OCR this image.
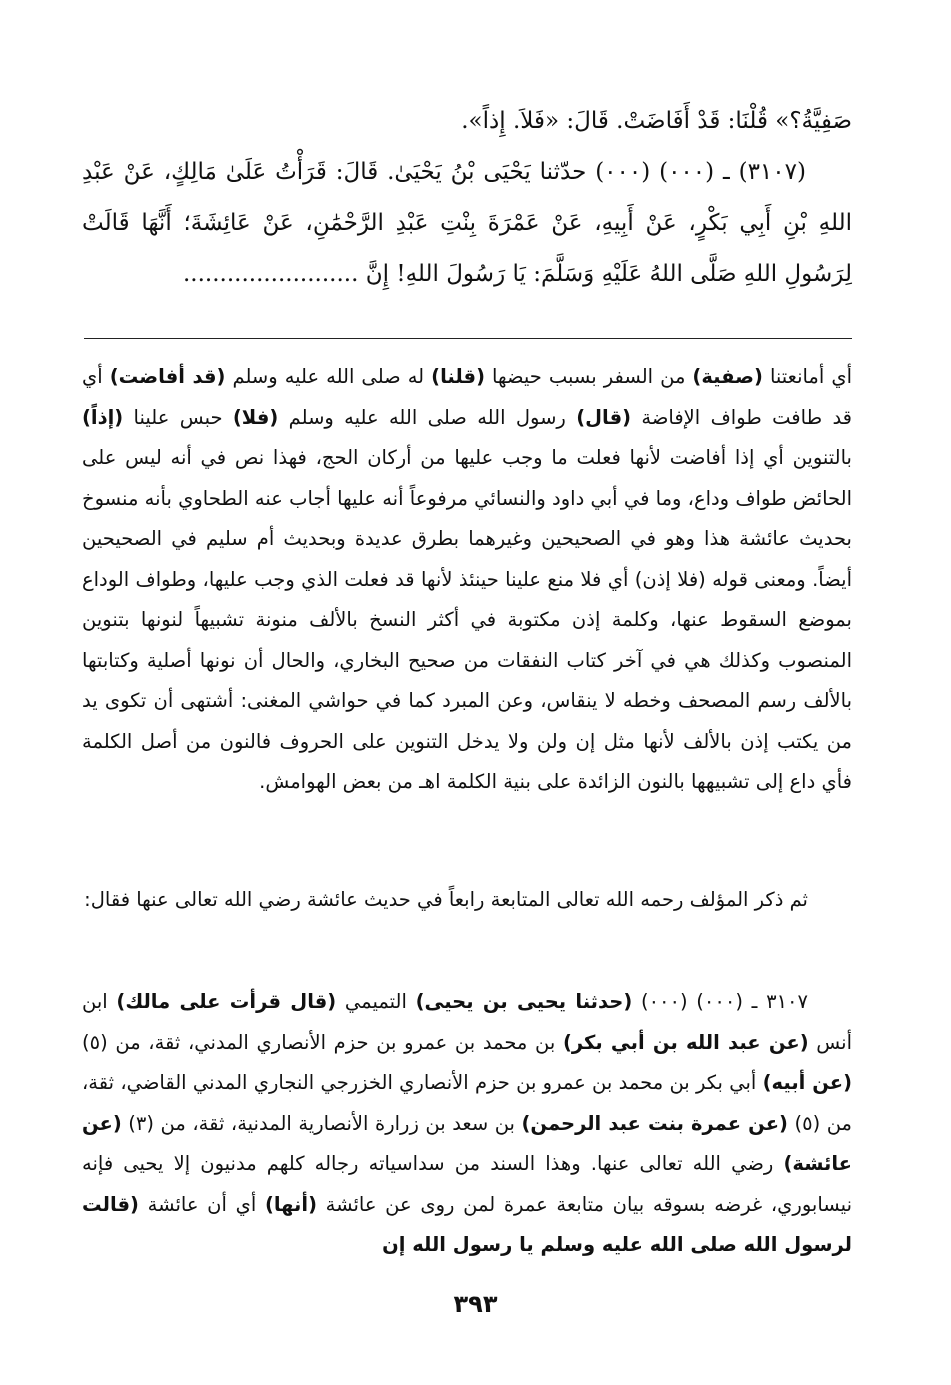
صَفِيَّةُ؟» قُلْنَا: قَدْ أَفَاضَتْ. قَالَ: «فَلاَ. إِذاً».

(٣١٠٧) ـ (٠٠٠) (٠٠٠) حدّثنا يَحْيَى بْنُ يَحْيَىٰ. قَالَ: قَرَأْتُ عَلَىٰ مَالِكٍ، عَنْ عَبْدِ اللهِ بْنِ أَبِي بَكْرٍ، عَنْ أَبِيهِ، عَنْ عَمْرَةَ بِنْتِ عَبْدِ الرَّحْمَٰنِ، عَنْ عَائِشَةَ؛ أَنَّهَا قَالَتْ لِرَسُولِ اللهِ صَلَّى اللهُ عَلَيْهِ وَسَلَّمَ: يَا رَسُولَ اللهِ! إِنَّ ........................

أي أمانعتنا (صفية) من السفر بسبب حيضها (قلنا) له صلى الله عليه وسلم (قد أفاضت) أي قد طافت طواف الإفاضة (قال) رسول الله صلى الله عليه وسلم (فلا) حبس علينا (إذاً) بالتنوين أي إذا أفاضت لأنها فعلت ما وجب عليها من أركان الحج، فهذا نص في أنه ليس على الحائض طواف وداع، وما في أبي داود والنسائي مرفوعاً أنه عليها أجاب عنه الطحاوي بأنه منسوخ بحديث عائشة هذا وهو في الصحيحين وغيرهما بطرق عديدة وبحديث أم سليم في الصحيحين أيضاً. ومعنى قوله (فلا إذن) أي فلا منع علينا حينئذ لأنها قد فعلت الذي وجب عليها، وطواف الوداع بموضع السقوط عنها، وكلمة إذن مكتوبة في أكثر النسخ بالألف منونة تشبيهاً لنونها بتنوين المنصوب وكذلك هي في آخر كتاب النفقات من صحيح البخاري، والحال أن نونها أصلية وكتابتها بالألف رسم المصحف وخطه لا ينقاس، وعن المبرد كما في حواشي المغنى: أشتهى أن تكوى يد من يكتب إذن بالألف لأنها مثل إن ولن ولا يدخل التنوين على الحروف فالنون من أصل الكلمة فأي داع إلى تشبيهها بالنون الزائدة على بنية الكلمة اهـ من بعض الهوامش.

ثم ذكر المؤلف رحمه الله تعالى المتابعة رابعاً في حديث عائشة رضي الله تعالى عنها فقال:

٣١٠٧ ـ (٠٠٠) (٠٠٠) (حدثنا يحيى بن يحيى) التميمي (قال قرأت على مالك) ابن أنس (عن عبد الله بن أبي بكر) بن محمد بن عمرو بن حزم الأنصاري المدني، ثقة، من (٥) (عن أبيه) أبي بكر بن محمد بن عمرو بن حزم الأنصاري الخزرجي النجاري المدني القاضي، ثقة، من (٥) (عن عمرة بنت عبد الرحمن) بن سعد بن زرارة الأنصارية المدنية، ثقة، من (٣) (عن عائشة) رضي الله تعالى عنها. وهذا السند من سداسياته رجاله كلهم مدنيون إلا يحيى فإنه نيسابوري، غرضه بسوقه بيان متابعة عمرة لمن روى عن عائشة (أنها) أي أن عائشة (قالت لرسول الله صلى الله عليه وسلم يا رسول الله إن

٣٩٣
